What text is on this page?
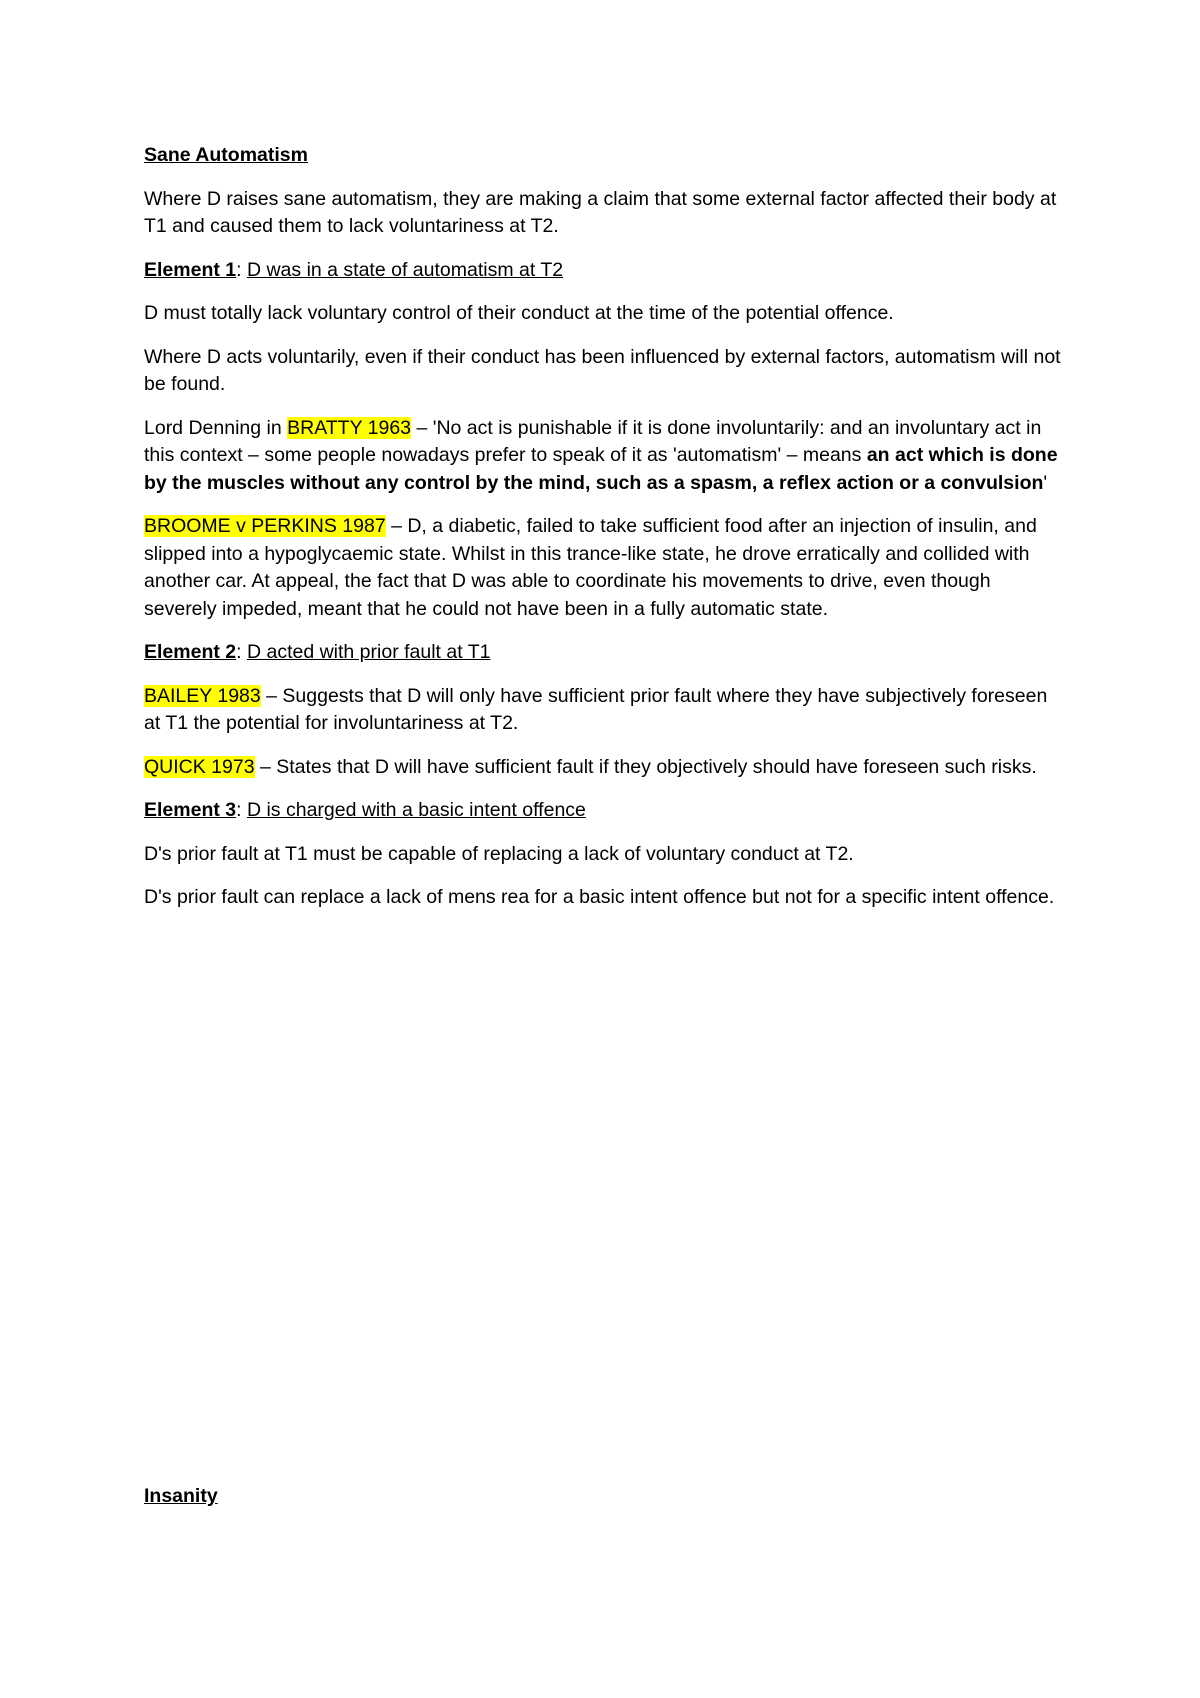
Sane Automatism

Where D raises sane automatism, they are making a claim that some external factor affected their body at T1 and caused them to lack voluntariness at T2.

Element 1: D was in a state of automatism at T2

D must totally lack voluntary control of their conduct at the time of the potential offence.

Where D acts voluntarily, even if their conduct has been influenced by external factors, automatism will not be found.

Lord Denning in BRATTY 1963 – 'No act is punishable if it is done involuntarily: and an involuntary act in this context – some people nowadays prefer to speak of it as 'automatism' – means an act which is done by the muscles without any control by the mind, such as a spasm, a reflex action or a convulsion'

BROOME v PERKINS 1987 – D, a diabetic, failed to take sufficient food after an injection of insulin, and slipped into a hypoglycaemic state. Whilst in this trance-like state, he drove erratically and collided with another car. At appeal, the fact that D was able to coordinate his movements to drive, even though severely impeded, meant that he could not have been in a fully automatic state.

Element 2: D acted with prior fault at T1

BAILEY 1983 – Suggests that D will only have sufficient prior fault where they have subjectively foreseen at T1 the potential for involuntariness at T2.

QUICK 1973 – States that D will have sufficient fault if they objectively should have foreseen such risks.

Element 3: D is charged with a basic intent offence

D's prior fault at T1 must be capable of replacing a lack of voluntary conduct at T2.

D's prior fault can replace a lack of mens rea for a basic intent offence but not for a specific intent offence.

Insanity
